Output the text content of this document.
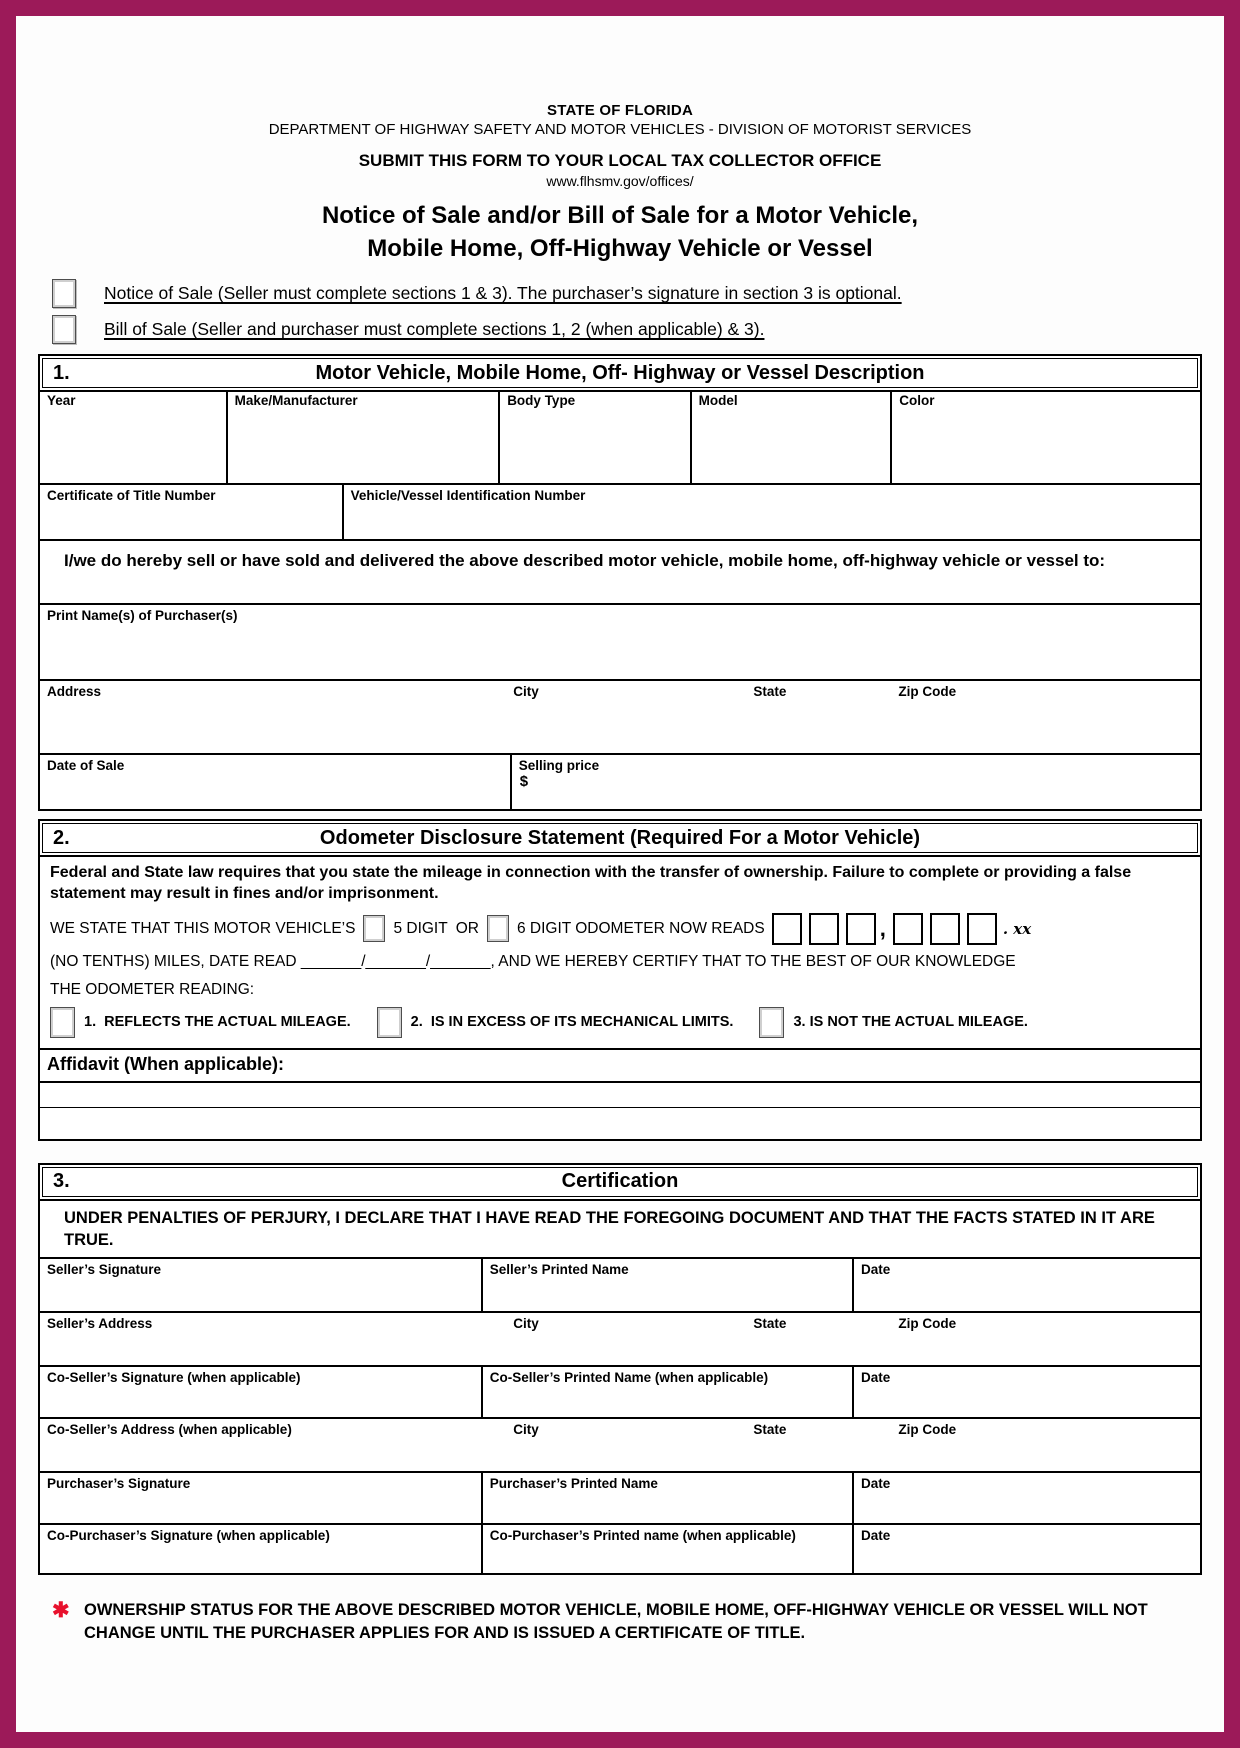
STATE OF FLORIDA
DEPARTMENT OF HIGHWAY SAFETY AND MOTOR VEHICLES - DIVISION OF MOTORIST SERVICES
SUBMIT THIS FORM TO YOUR LOCAL TAX COLLECTOR OFFICE
www.flhsmv.gov/offices/
Notice of Sale and/or Bill of Sale for a Motor Vehicle,
Mobile Home, Off-Highway Vehicle or Vessel
Notice of Sale (Seller must complete sections 1 & 3). The purchaser’s signature in section 3 is optional.
Bill of Sale (Seller and purchaser must complete sections 1, 2 (when applicable) & 3).
1.	Motor Vehicle, Mobile Home, Off- Highway or Vessel Description
Year	Make/Manufacturer	Body Type	Model	Color
Certificate of Title Number	Vehicle/Vessel Identification Number
I/we do hereby sell or have sold and delivered the above described motor vehicle, mobile home, off-highway vehicle or vessel to:
Print Name(s) of Purchaser(s)
Address	City	State	Zip Code
Date of Sale	Selling price
$
2.	Odometer Disclosure Statement (Required For a Motor Vehicle)
Federal and State law requires that you state the mileage in connection with the transfer of ownership. Failure to complete or providing a false statement may result in fines and/or imprisonment.
WE STATE THAT THIS MOTOR VEHICLE’S 5 DIGIT OR 6 DIGIT ODOMETER NOW READS	,	. xx
(NO TENTHS) MILES, DATE READ _______/_______/_______, AND WE HEREBY CERTIFY THAT TO THE BEST OF OUR KNOWLEDGE
THE ODOMETER READING:
1. REFLECTS THE ACTUAL MILEAGE.	2. IS IN EXCESS OF ITS MECHANICAL LIMITS.	3. IS NOT THE ACTUAL MILEAGE.
Affidavit (When applicable):
3.	Certification
UNDER PENALTIES OF PERJURY, I DECLARE THAT I HAVE READ THE FOREGOING DOCUMENT AND THAT THE FACTS STATED IN IT ARE TRUE.
Seller’s Signature	Seller’s Printed Name	Date
Seller’s Address	City	State	Zip Code
Co-Seller’s Signature (when applicable)	Co-Seller’s Printed Name (when applicable)	Date
Co-Seller’s Address (when applicable)	City	State	Zip Code
Purchaser’s Signature	Purchaser’s Printed Name	Date
Co-Purchaser’s Signature (when applicable)	Co-Purchaser’s Printed name (when applicable)	Date
✱ OWNERSHIP STATUS FOR THE ABOVE DESCRIBED MOTOR VEHICLE, MOBILE HOME, OFF-HIGHWAY VEHICLE OR VESSEL WILL NOT CHANGE UNTIL THE PURCHASER APPLIES FOR AND IS ISSUED A CERTIFICATE OF TITLE.
